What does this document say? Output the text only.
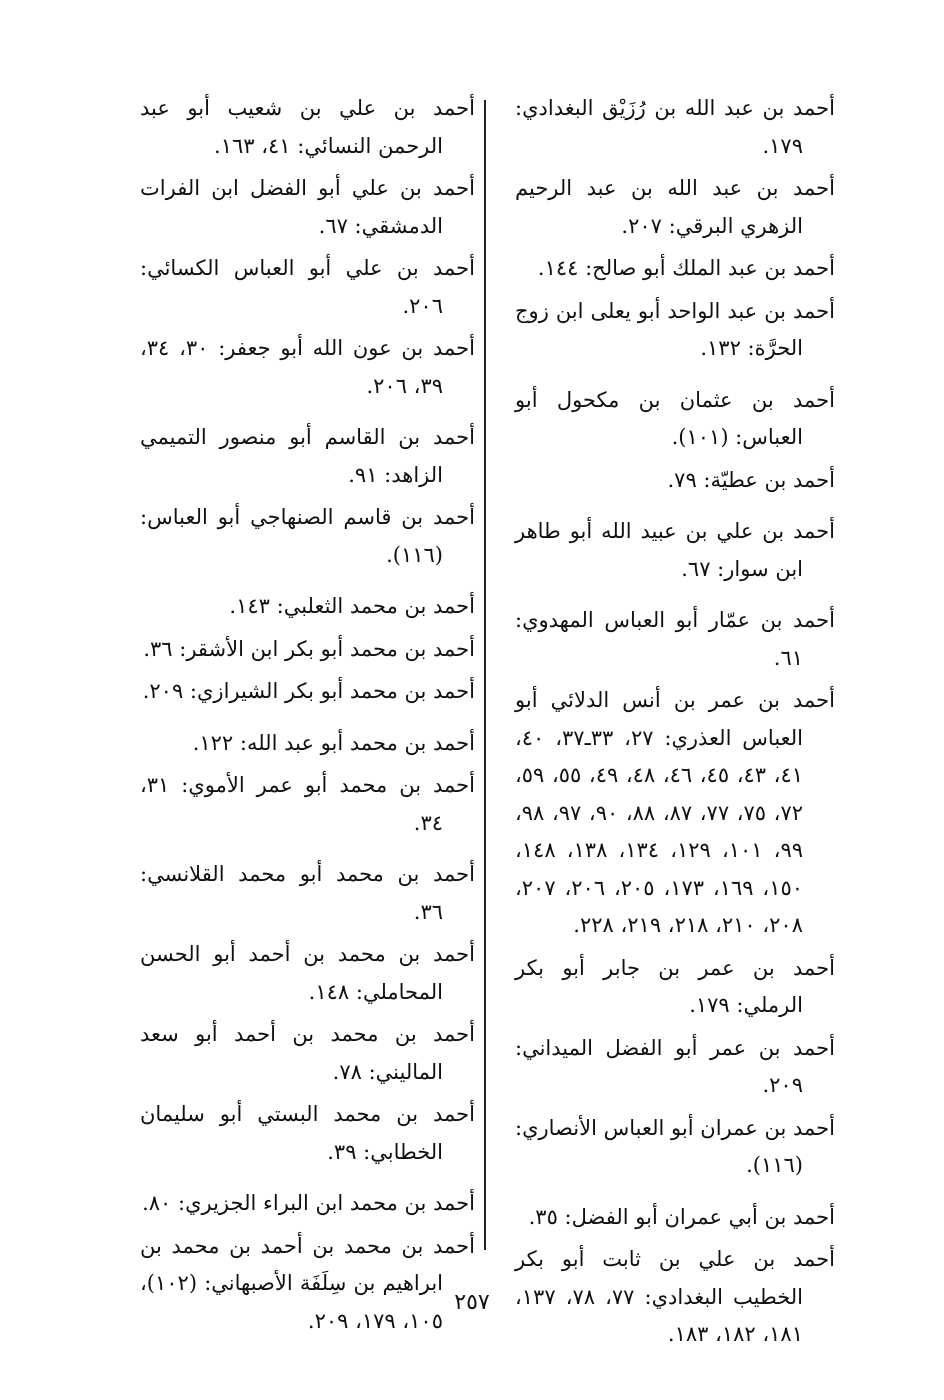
أحمد بن عبد الله بن رُزَيْق البغدادي: ١٧٩.

أحمد بن عبد الله بن عبد الرحيم الزهري البرقي: ٢٠٧.

أحمد بن عبد الملك أبو صالح: ١٤٤.

أحمد بن عبد الواحد أبو يعلى ابن زوج الحرَّة: ١٣٢.

أحمد بن عثمان بن مكحول أبو العباس: (١٠١).

أحمد بن عطيّة: ٧٩.

أحمد بن علي بن عبيد الله أبو طاهر ابن سوار: ٦٧.

أحمد بن عمّار أبو العباس المهدوي: ٦١.

أحمد بن عمر بن أنس الدلائي أبو العباس العذري: ٢٧، ٣٣ـ٣٧، ٤٠، ٤١، ٤٣، ٤٥، ٤٦، ٤٨، ٤٩، ٥٥، ٥٩، ٧٢، ٧٥، ٧٧، ٨٧، ٨٨، ٩٠، ٩٧، ٩٨، ٩٩، ١٠١، ١٢٩، ١٣٤، ١٣٨، ١٤٨، ١٥٠، ١٦٩، ١٧٣، ٢٠٥، ٢٠٦، ٢٠٧، ٢٠٨، ٢١٠، ٢١٨، ٢١٩، ٢٢٨.

أحمد بن عمر بن جابر أبو بكر الرملي: ١٧٩.

أحمد بن عمر أبو الفضل الميداني: ٢٠٩.

أحمد بن عمران أبو العباس الأنصاري: (١١٦).

أحمد بن أبي عمران أبو الفضل: ٣٥.

أحمد بن علي بن ثابت أبو بكر الخطيب البغدادي: ٧٧، ٧٨، ١٣٧، ١٨١، ١٨٢، ١٨٣.

أحمد بن علي بن شعيب أبو عبد الرحمن النسائي: ٤١، ١٦٣.

أحمد بن علي أبو الفضل ابن الفرات الدمشقي: ٦٧.

أحمد بن علي أبو العباس الكسائي: ٢٠٦.

أحمد بن عون الله أبو جعفر: ٣٠، ٣٤، ٣٩، ٢٠٦.

أحمد بن القاسم أبو منصور التميمي الزاهد: ٩١.

أحمد بن قاسم الصنهاجي أبو العباس: (١١٦).

أحمد بن محمد الثعلبي: ١٤٣.

أحمد بن محمد أبو بكر ابن الأشقر: ٣٦.

أحمد بن محمد أبو بكر الشيرازي: ٢٠٩.

أحمد بن محمد أبو عبد الله: ١٢٢.

أحمد بن محمد أبو عمر الأموي: ٣١، ٣٤.

أحمد بن محمد أبو محمد القلانسي: ٣٦.

أحمد بن محمد بن أحمد أبو الحسن المحاملي: ١٤٨.

أحمد بن محمد بن أحمد أبو سعد الماليني: ٧٨.

أحمد بن محمد البستي أبو سليمان الخطابي: ٣٩.

أحمد بن محمد ابن البراء الجزيري: ٨٠.

أحمد بن محمد بن أحمد بن محمد بن ابراهيم بن سِلَفَة الأصبهاني: (١٠٢)، ١٠٥، ١٧٩، ٢٠٩.

٢٥٧
